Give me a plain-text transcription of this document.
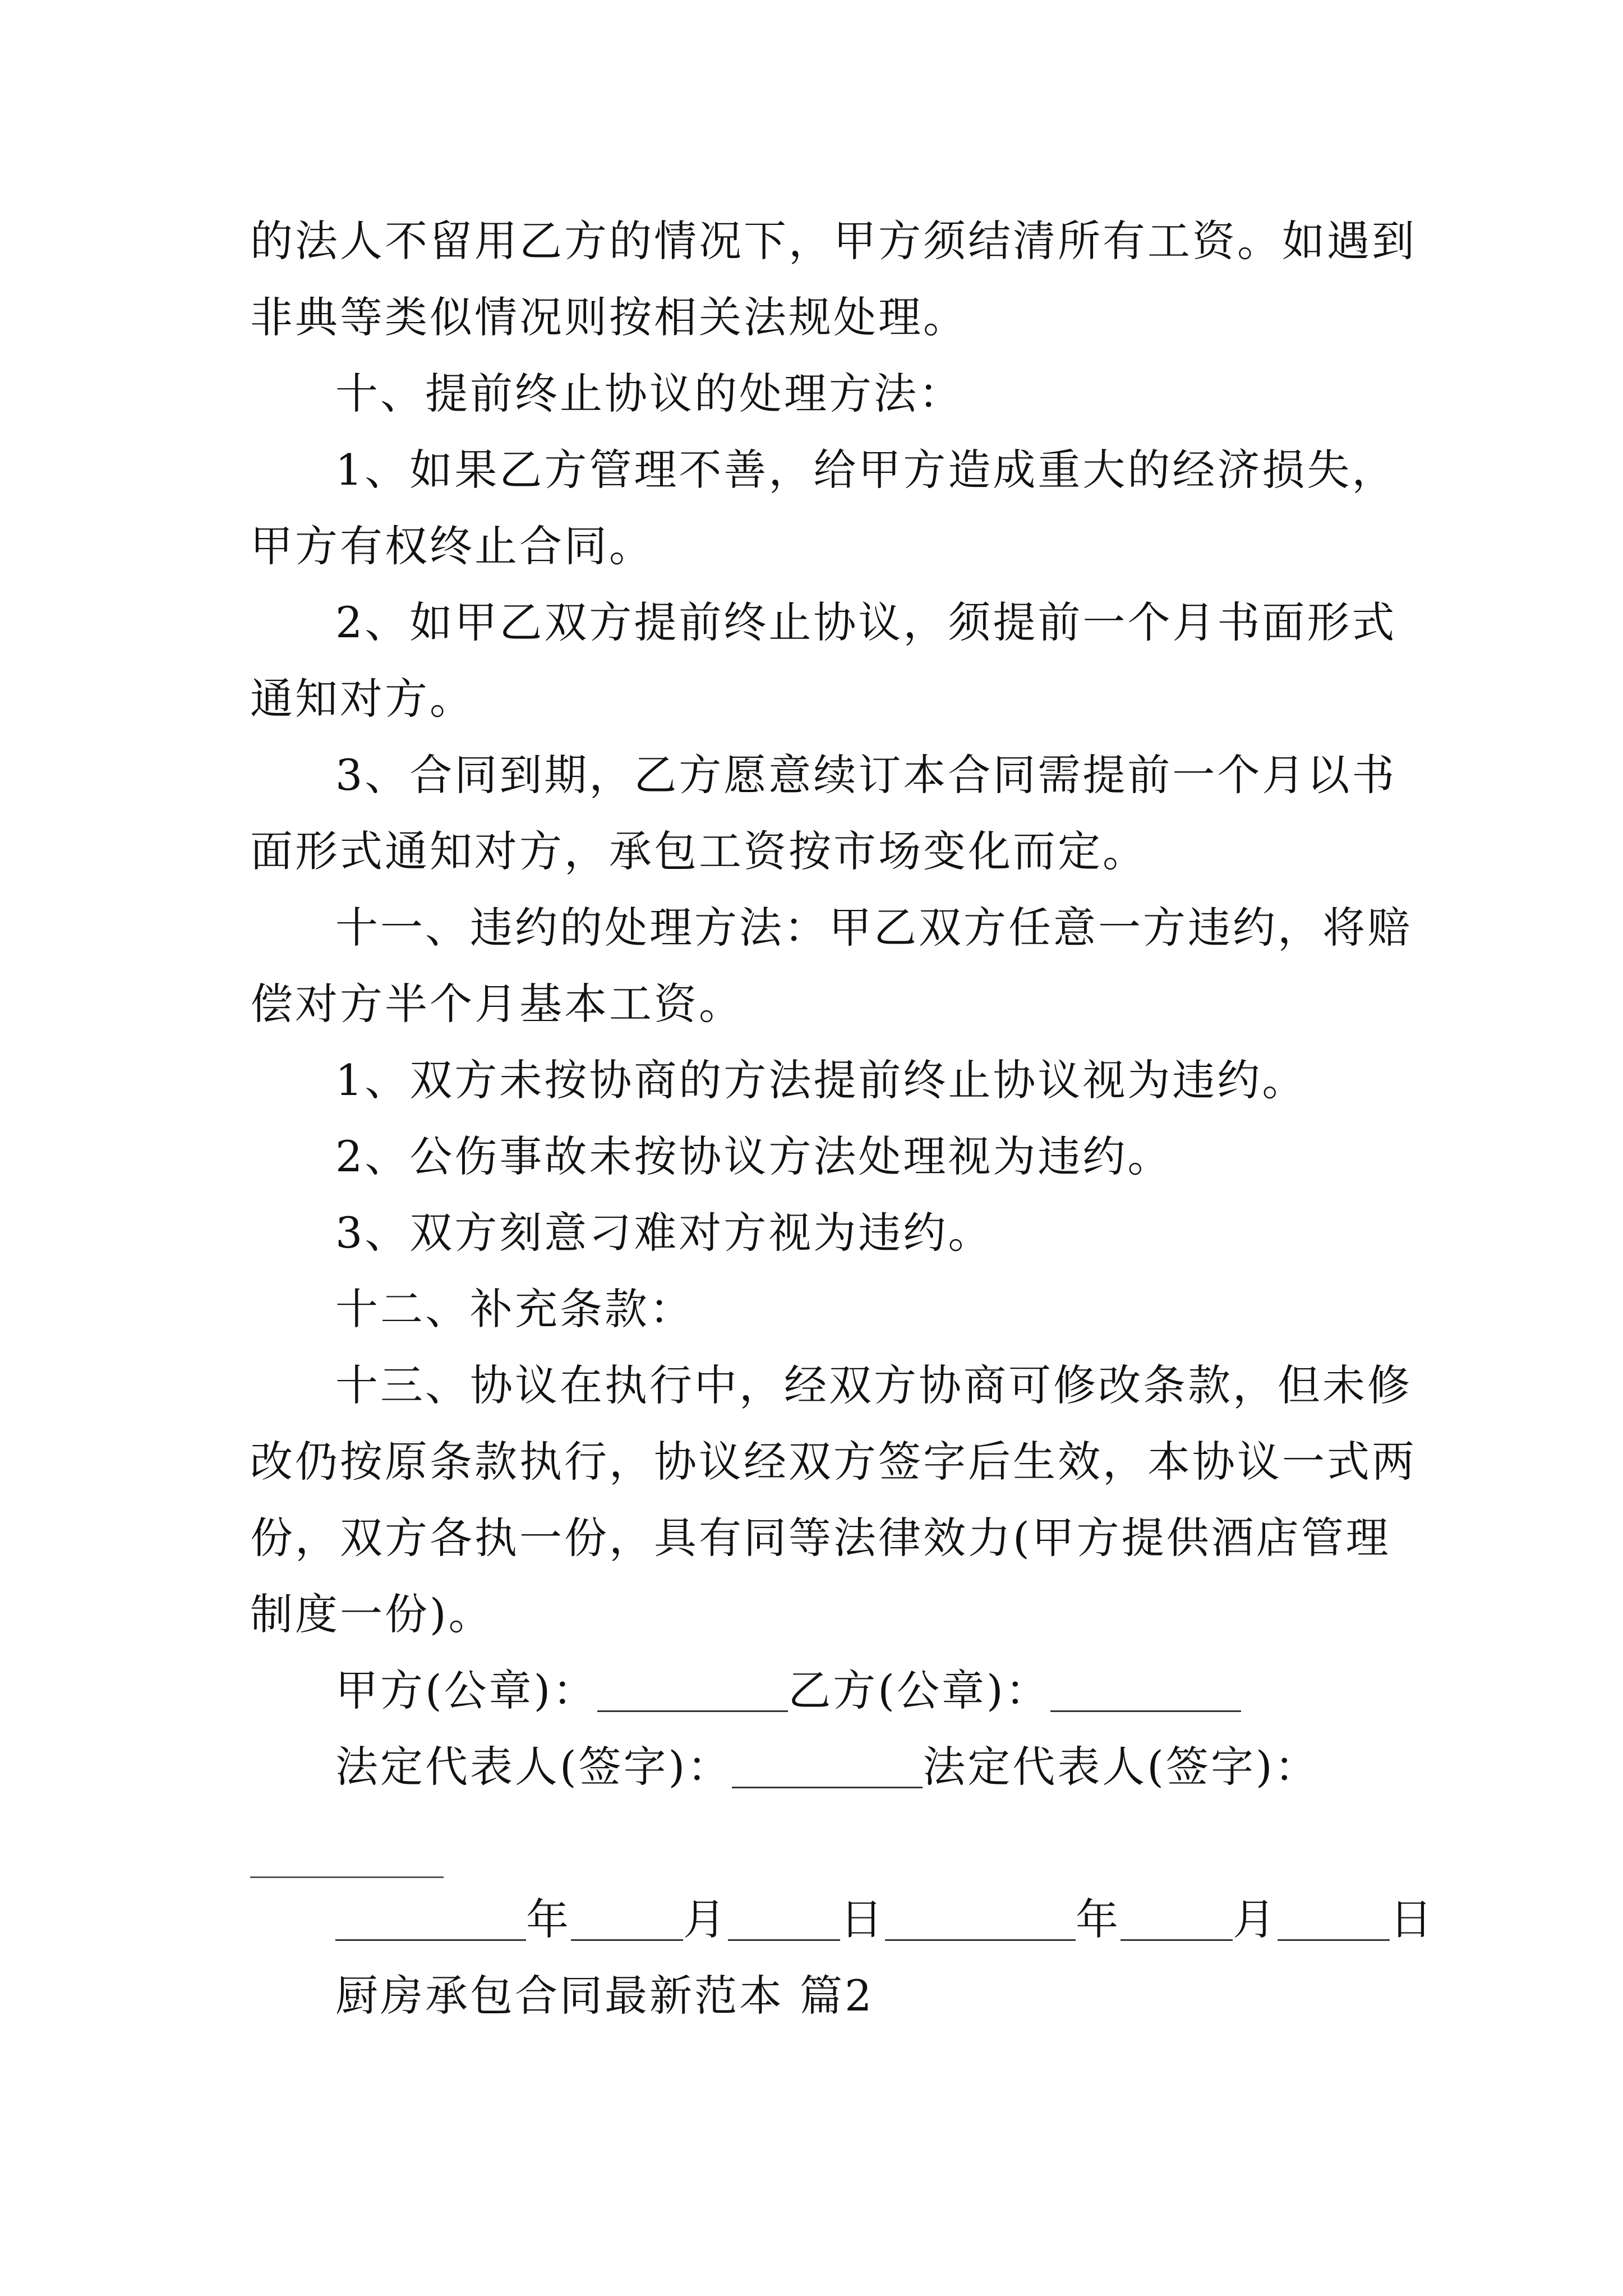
的法人不留用乙方的情况下，甲方须结清所有工资。如遇到
非典等类似情况则按相关法规处理。
十、提前终止协议的处理方法：
1、如果乙方管理不善，给甲方造成重大的经济损失，
甲方有权终止合同。
2、如甲乙双方提前终止协议，须提前一个月书面形式
通知对方。
3、合同到期，乙方愿意续订本合同需提前一个月以书
面形式通知对方，承包工资按市场变化而定。
十一、违约的处理方法：甲乙双方任意一方违约，将赔
偿对方半个月基本工资。
1、双方未按协商的方法提前终止协议视为违约。
2、公伤事故未按协议方法处理视为违约。
3、双方刻意刁难对方视为违约。
十二、补充条款：
十三、协议在执行中，经双方协商可修改条款，但未修
改仍按原条款执行，协议经双方签字后生效，本协议一式两
份，双方各执一份，具有同等法律效力(甲方提供酒店管理
制度一份)。
甲方(公章)：	乙方(公章)：
法定代表人(签字)：	法定代表人(签字)：
年	月	日	年	月	日
厨房承包合同最新范本 篇2
